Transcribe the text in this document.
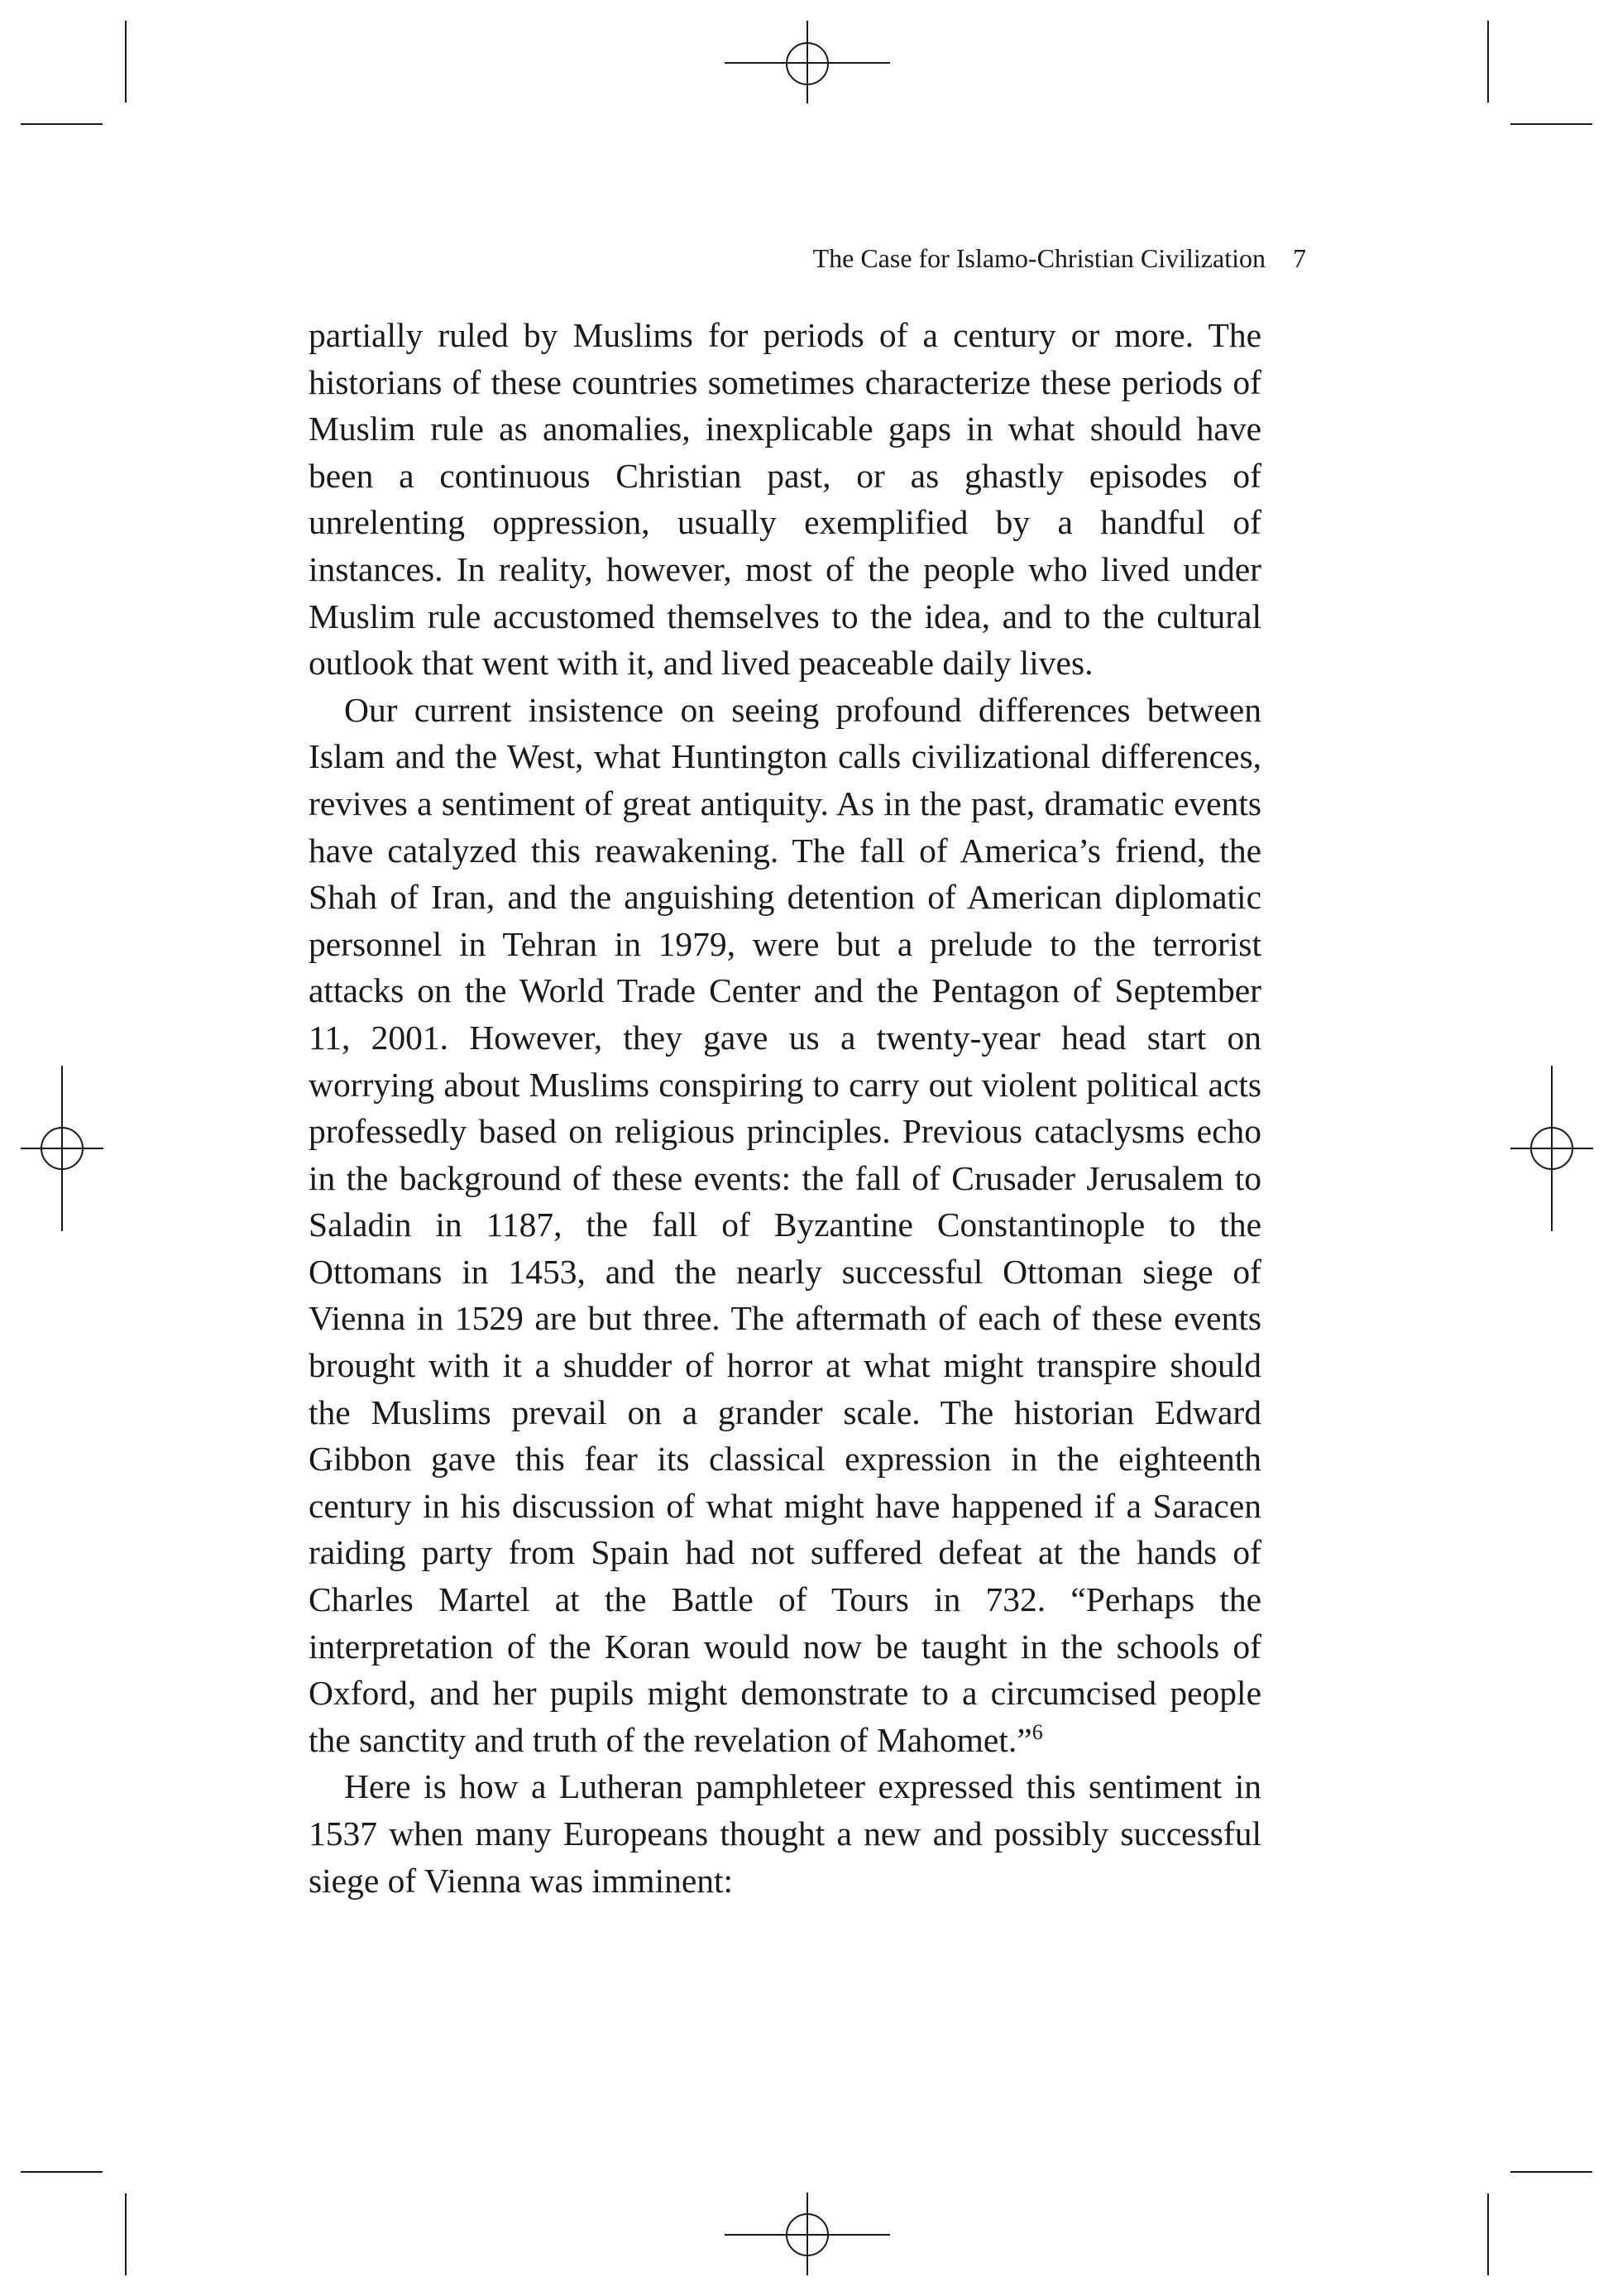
The Case for Islamo-Christian Civilization 7

partially ruled by Muslims for periods of a century or more. The historians of these countries sometimes characterize these periods of Muslim rule as anomalies, inexplicable gaps in what should have been a continuous Christian past, or as ghastly episodes of unrelenting oppression, usually exemplified by a handful of instances. In reality, however, most of the people who lived under Muslim rule accustomed themselves to the idea, and to the cultural outlook that went with it, and lived peaceable daily lives.

Our current insistence on seeing profound differences between Islam and the West, what Huntington calls civilizational differences, revives a sentiment of great antiquity. As in the past, dramatic events have catalyzed this reawakening. The fall of America’s friend, the Shah of Iran, and the anguishing detention of American diplomatic personnel in Tehran in 1979, were but a prelude to the terrorist attacks on the World Trade Center and the Pentagon of September 11, 2001. However, they gave us a twenty-year head start on worrying about Muslims conspiring to carry out violent political acts professedly based on religious principles. Previous cataclysms echo in the background of these events: the fall of Crusader Jerusalem to Saladin in 1187, the fall of Byzantine Constantinople to the Ottomans in 1453, and the nearly successful Ottoman siege of Vienna in 1529 are but three. The aftermath of each of these events brought with it a shudder of horror at what might transpire should the Muslims prevail on a grander scale. The historian Edward Gibbon gave this fear its classical expression in the eighteenth century in his discussion of what might have happened if a Saracen raiding party from Spain had not suffered defeat at the hands of Charles Martel at the Battle of Tours in 732. “Perhaps the interpretation of the Koran would now be taught in the schools of Oxford, and her pupils might demonstrate to a circumcised people the sanctity and truth of the revelation of Mahomet.”$^6$

Here is how a Lutheran pamphleteer expressed this sentiment in 1537 when many Europeans thought a new and possibly successful siege of Vienna was imminent:
